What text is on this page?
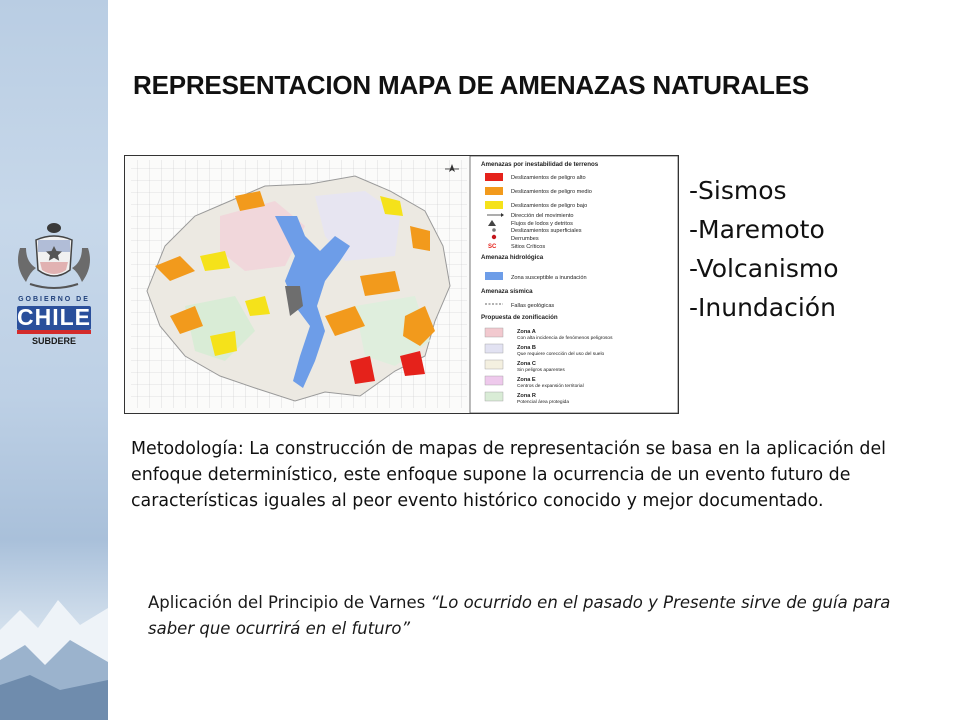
GOBIERNO DE
CHILE
SUBDERE
REPRESENTACION MAPA DE AMENAZAS NATURALES
Amenazas por inestabilidad de terrenos
Deslizamientos de peligro alto
Deslizamientos de peligro medio
Deslizamientos de peligro bajo
Dirección del movimiento
Flujos de lodos y detritos
Deslizamientos superficiales
Derrumbes
SC	Sitios Críticos
Amenaza hidrológica
Zona susceptible a inundación
Amenaza sísmica
Fallas geológicas
Propuesta de zonificación
Zona A
Con alta incidencia de fenómenos peligrosos
Zona B
Que requiere corección del uso del suelo
Zona C
Sin peligros aparentes
Zona E
Centros de expansión territorial
Zona R
Potencial área protegida
-Sismos
-Maremoto
-Volcanismo
-Inundación
Metodología: La construcción de mapas de representación se basa en la aplicación del enfoque determinístico, este enfoque supone la ocurrencia de un evento futuro de características iguales al peor evento histórico conocido y mejor documentado.
Aplicación del Principio de Varnes “Lo ocurrido en el pasado y Presente sirve de guía para saber que ocurrirá en el futuro”
